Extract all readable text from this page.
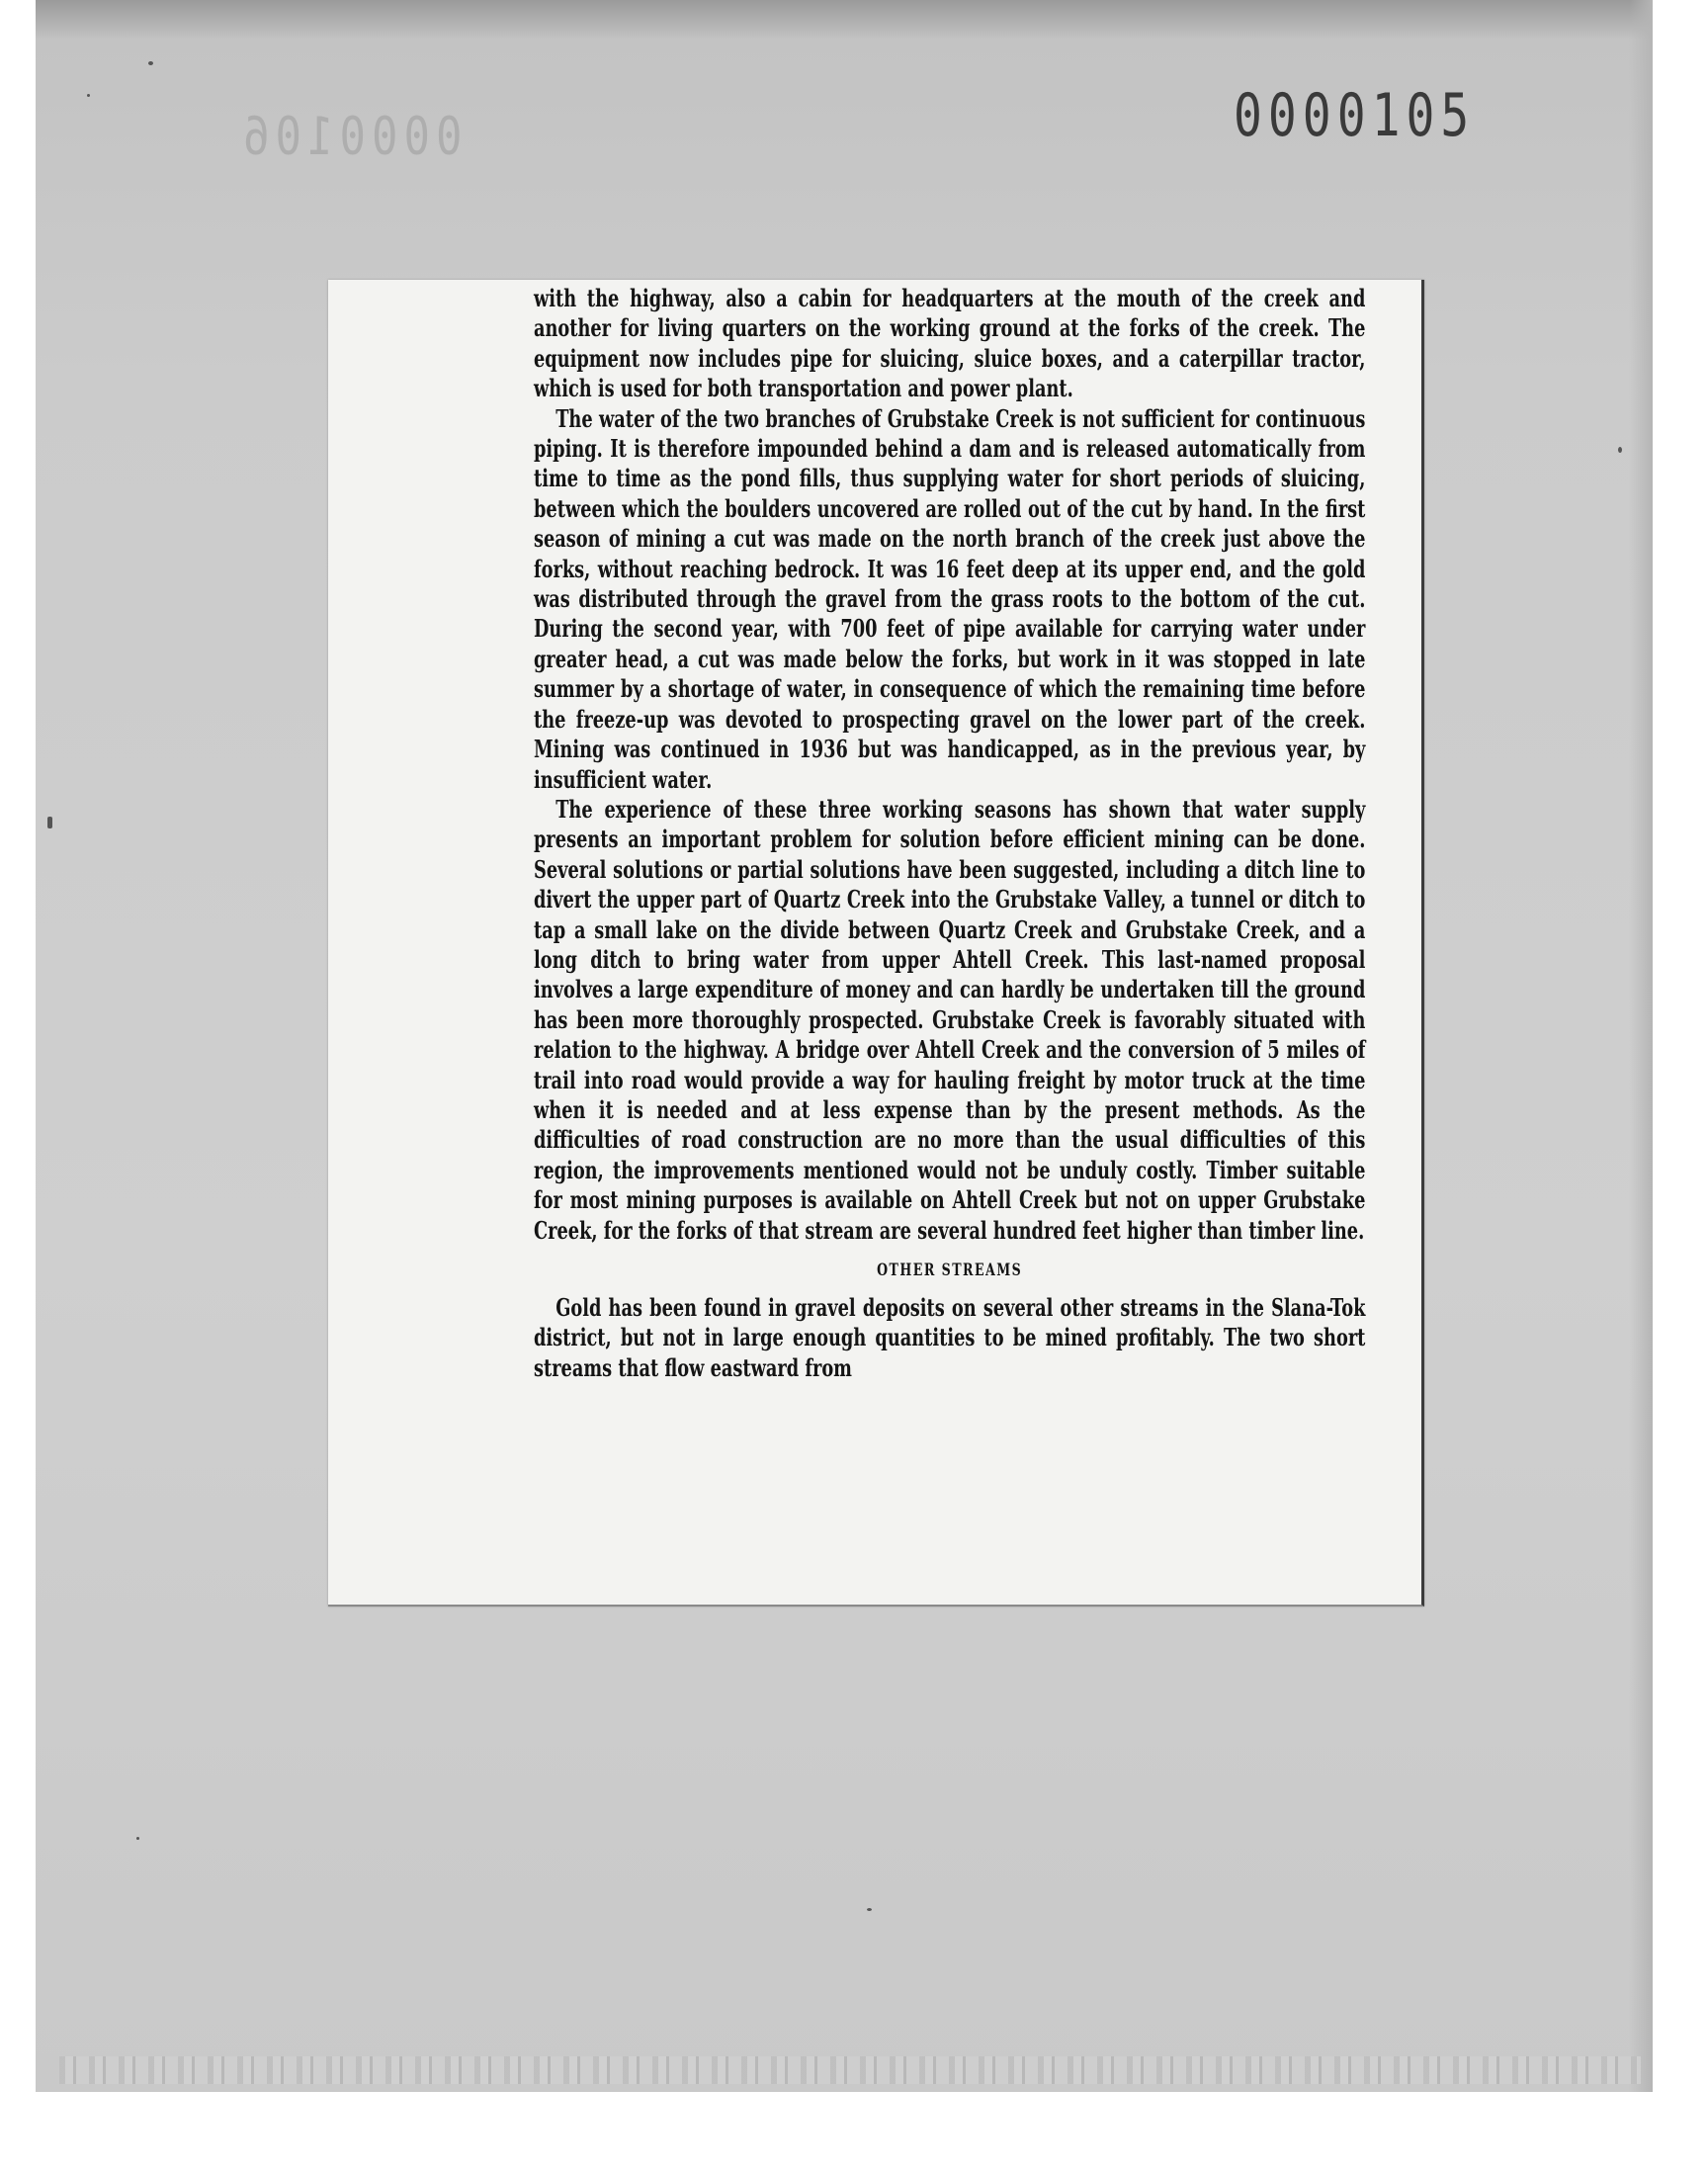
0000106	0000105

with the highway, also a cabin for headquarters at the mouth of the creek and another for living quarters on the working ground at the forks of the creek. The equipment now includes pipe for sluicing, sluice boxes, and a caterpillar tractor, which is used for both transportation and power plant.

The water of the two branches of Grubstake Creek is not sufficient for continuous piping. It is therefore impounded behind a dam and is released automatically from time to time as the pond fills, thus supplying water for short periods of sluicing, between which the boulders uncovered are rolled out of the cut by hand. In the first season of mining a cut was made on the north branch of the creek just above the forks, without reaching bedrock. It was 16 feet deep at its upper end, and the gold was distributed through the gravel from the grass roots to the bottom of the cut. During the second year, with 700 feet of pipe available for carrying water under greater head, a cut was made below the forks, but work in it was stopped in late summer by a shortage of water, in consequence of which the remaining time before the freeze-up was devoted to prospecting gravel on the lower part of the creek. Mining was continued in 1936 but was handicapped, as in the previous year, by insufficient water.

The experience of these three working seasons has shown that water supply presents an important problem for solution before efficient mining can be done. Several solutions or partial solutions have been suggested, including a ditch line to divert the upper part of Quartz Creek into the Grubstake Valley, a tunnel or ditch to tap a small lake on the divide between Quartz Creek and Grubstake Creek, and a long ditch to bring water from upper Ahtell Creek. This last-named proposal involves a large expenditure of money and can hardly be undertaken till the ground has been more thoroughly prospected. Grubstake Creek is favorably situated with relation to the highway. A bridge over Ahtell Creek and the conversion of 5 miles of trail into road would provide a way for hauling freight by motor truck at the time when it is needed and at less expense than by the present methods. As the difficulties of road construction are no more than the usual difficulties of this region, the improvements mentioned would not be unduly costly. Timber suitable for most mining purposes is available on Ahtell Creek but not on upper Grubstake Creek, for the forks of that stream are several hundred feet higher than timber line.

OTHER STREAMS

Gold has been found in gravel deposits on several other streams in the Slana-Tok district, but not in large enough quantities to be mined profitably. The two short streams that flow eastward from
